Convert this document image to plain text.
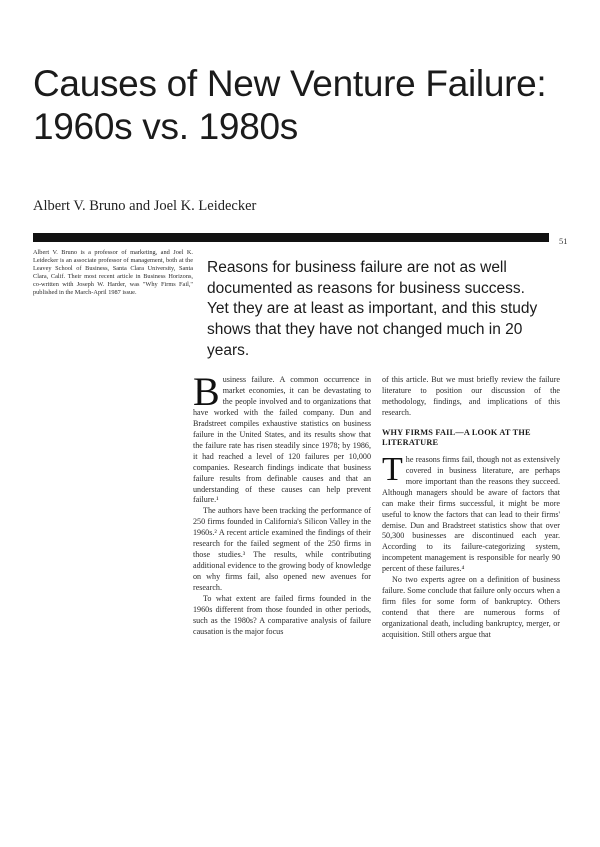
Causes of New Venture Failure:
1960s vs. 1980s
Albert V. Bruno and Joel K. Leidecker
51

Albert V. Bruno is a professor of marketing, and Joel K. Leidecker is an associate professor of management, both at the Leavey School of Business, Santa Clara University, Santa Clara, Calif. Their most recent article in Business Horizons, co-written with Joseph W. Harder, was "Why Firms Fail," published in the March-April 1987 issue.

Reasons for business failure are not as well documented as reasons for business success. Yet they are at least as important, and this study shows that they have not changed much in 20 years.

Business failure. A common occurrence in market economies, it can be devastating to the people involved and to organizations that have worked with the failed company. Dun and Bradstreet compiles exhaustive statistics on business failure in the United States, and its results show that the failure rate has risen steadily since 1978; by 1986, it had reached a level of 120 failures per 10,000 companies. Research findings indicate that business failure results from definable causes and that an understanding of these causes can help prevent failure.¹

The authors have been tracking the performance of 250 firms founded in California's Silicon Valley in the 1960s.² A recent article examined the findings of their research for the failed segment of the 250 firms in those studies.³ The results, while contributing additional evidence to the growing body of knowledge on why firms fail, also opened new avenues for research.

To what extent are failed firms founded in the 1960s different from those founded in other periods, such as the 1980s? A comparative analysis of failure causation is the major focus

of this article. But we must briefly review the failure literature to position our discussion of the methodology, findings, and implications of this research.

WHY FIRMS FAIL—A LOOK AT THE LITERATURE

The reasons firms fail, though not as extensively covered in business literature, are perhaps more important than the reasons they succeed. Although managers should be aware of factors that can make their firms successful, it might be more useful to know the factors that can lead to their firms' demise. Dun and Bradstreet statistics show that over 50,300 businesses are discontinued each year. According to its failure-categorizing system, incompetent management is responsible for nearly 90 percent of these failures.⁴

No two experts agree on a definition of business failure. Some conclude that failure only occurs when a firm files for some form of bankruptcy. Others contend that there are numerous forms of organizational death, including bankruptcy, merger, or acquisition. Still others argue that
